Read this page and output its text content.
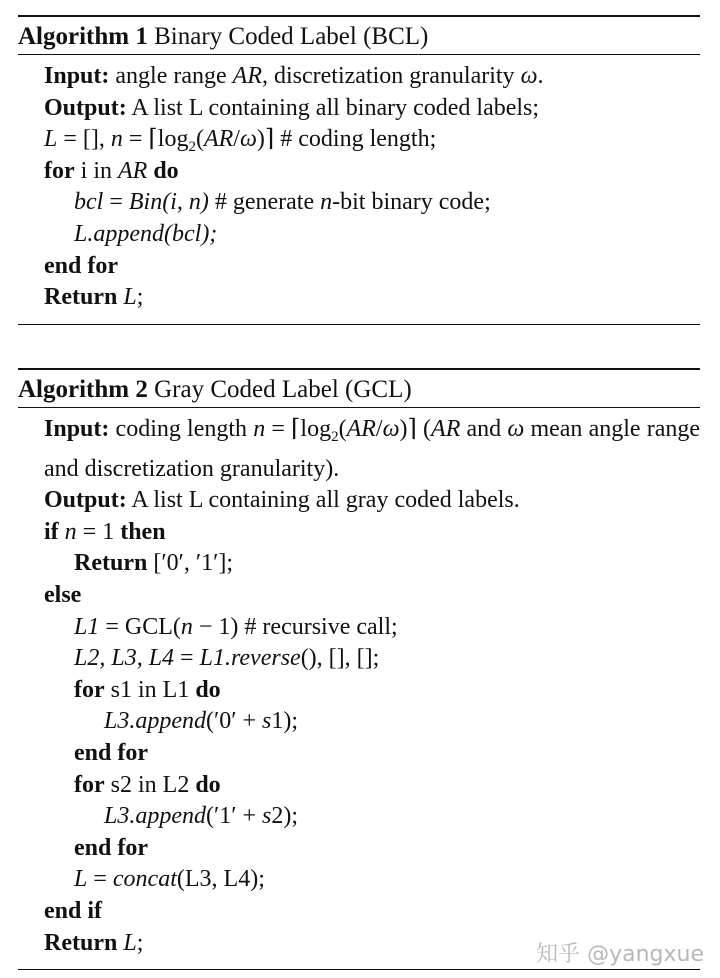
Algorithm 1 Binary Coded Label (BCL)
Input: angle range AR, discretization granularity ω.
Output: A list L containing all binary coded labels;
L = [], $n = ⌈\log_2(AR/\omega)⌉$ # coding length;
for i in AR do
bcl = Bin(i, n) # generate n-bit binary code;
L.append(bcl);
end for
Return L;
Algorithm 2 Gray Coded Label (GCL)
Input: coding length $n = ⌈\log_2(AR/\omega)⌉$ (AR and ω mean angle range and discretization granularity).
Output: A list L containing all gray coded labels.
if n = 1 then
Return [′0′, ′1′];
else
L1 = GCL(n − 1) # recursive call;
L2, L3, L4 = L1.reverse(), [], [];
for s1 in L1 do
L3.append(′0′ + s1);
end for
for s2 in L2 do
L3.append(′1′ + s2);
end for
L = concat(L3, L4);
end if
Return L;	知乎 @yangxue
